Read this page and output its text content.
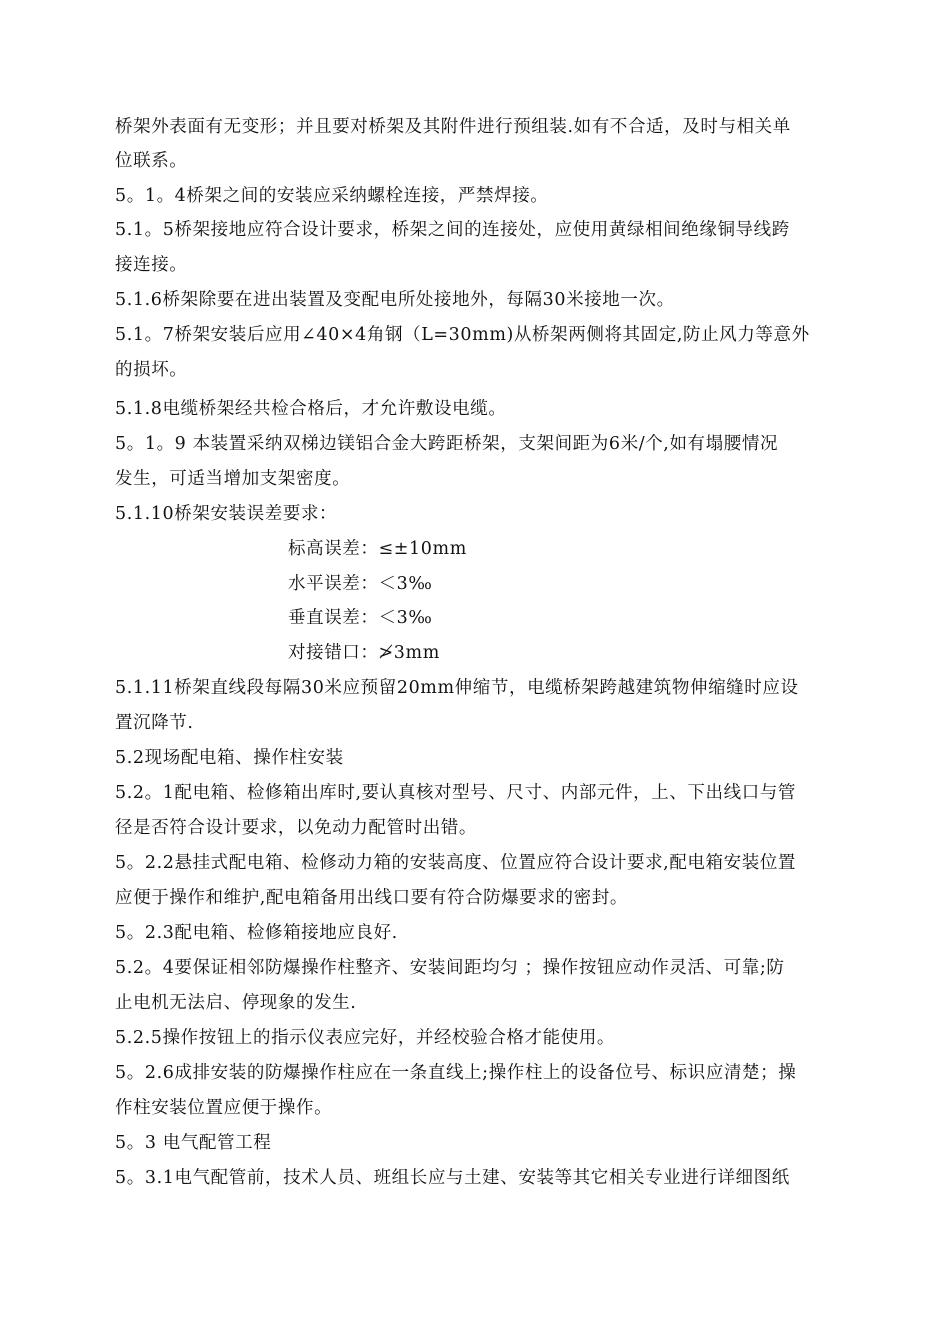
桥架外表面有无变形；并且要对桥架及其附件进行预组装.如有不合适，及时与相关单
位联系。
5。1。4桥架之间的安装应采纳螺栓连接，严禁焊接。
5.1。5桥架接地应符合设计要求，桥架之间的连接处，应使用黄绿相间绝缘铜导线跨
接连接。
5.1.6桥架除要在进出装置及变配电所处接地外，每隔30米接地一次。
5.1。7桥架安装后应用∠40×4角钢（L=30mm)从桥架两侧将其固定,防止风力等意外
的损坏。
5.1.8电缆桥架经共检合格后，才允许敷设电缆。
5。1。9 本装置采纳双梯边镁铝合金大跨距桥架，支架间距为6米/个,如有塌腰情况
发生，可适当增加支架密度。
5.1.10桥架安装误差要求：
标高误差：≤±10mm
水平误差：＜3‰
垂直误差：＜3‰
对接错口：≯3mm
5.1.11桥架直线段每隔30米应预留20mm伸缩节，电缆桥架跨越建筑物伸缩缝时应设
置沉降节.
5.2现场配电箱、操作柱安装
5.2。1配电箱、检修箱出库时,要认真核对型号、尺寸、内部元件，上、下出线口与管
径是否符合设计要求，以免动力配管时出错。
5。2.2悬挂式配电箱、检修动力箱的安装高度、位置应符合设计要求,配电箱安装位置
应便于操作和维护,配电箱备用出线口要有符合防爆要求的密封。
5。2.3配电箱、检修箱接地应良好.
5.2。4要保证相邻防爆操作柱整齐、安装间距均匀 ；操作按钮应动作灵活、可靠;防
止电机无法启、停现象的发生.
5.2.5操作按钮上的指示仪表应完好，并经校验合格才能使用。
5。2.6成排安装的防爆操作柱应在一条直线上;操作柱上的设备位号、标识应清楚；操
作柱安装位置应便于操作。
5。3 电气配管工程
5。3.1电气配管前，技术人员、班组长应与土建、安装等其它相关专业进行详细图纸
